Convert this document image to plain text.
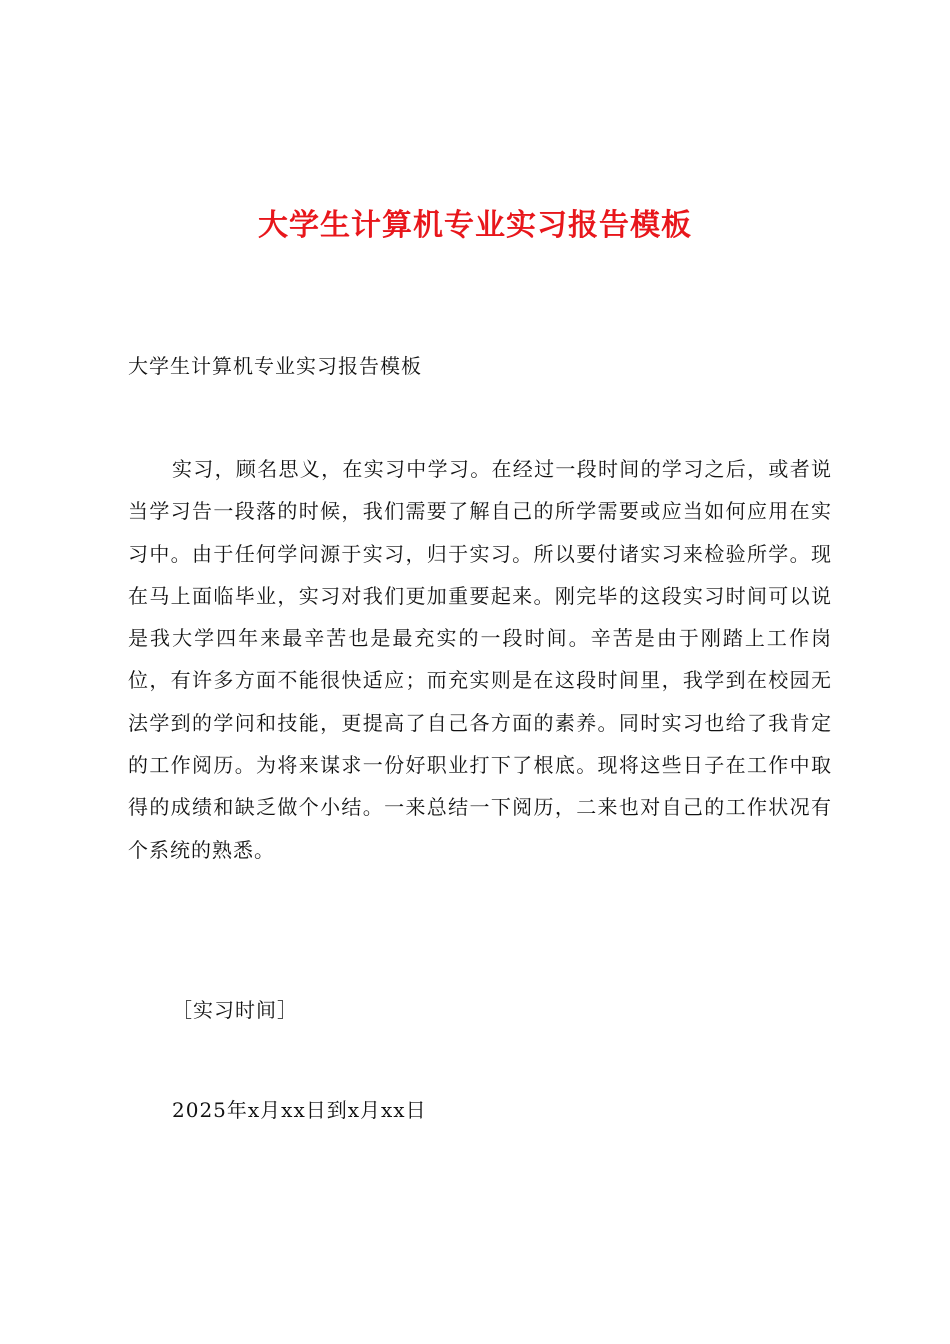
大学生计算机专业实习报告模板
大学生计算机专业实习报告模板

实习，顾名思义，在实习中学习。在经过一段时间的学习之后，或者说当学习告一段落的时候，我们需要了解自己的所学需要或应当如何应用在实习中。由于任何学问源于实习，归于实习。所以要付诸实习来检验所学。现在马上面临毕业，实习对我们更加重要起来。刚完毕的这段实习时间可以说是我大学四年来最辛苦也是最充实的一段时间。辛苦是由于刚踏上工作岗位，有许多方面不能很快适应；而充实则是在这段时间里，我学到在校园无法学到的学问和技能，更提高了自己各方面的素养。同时实习也给了我肯定的工作阅历。为将来谋求一份好职业打下了根底。现将这些日子在工作中取得的成绩和缺乏做个小结。一来总结一下阅历，二来也对自己的工作状况有个系统的熟悉。

［实习时间］
2025年x月xx日到x月xx日
